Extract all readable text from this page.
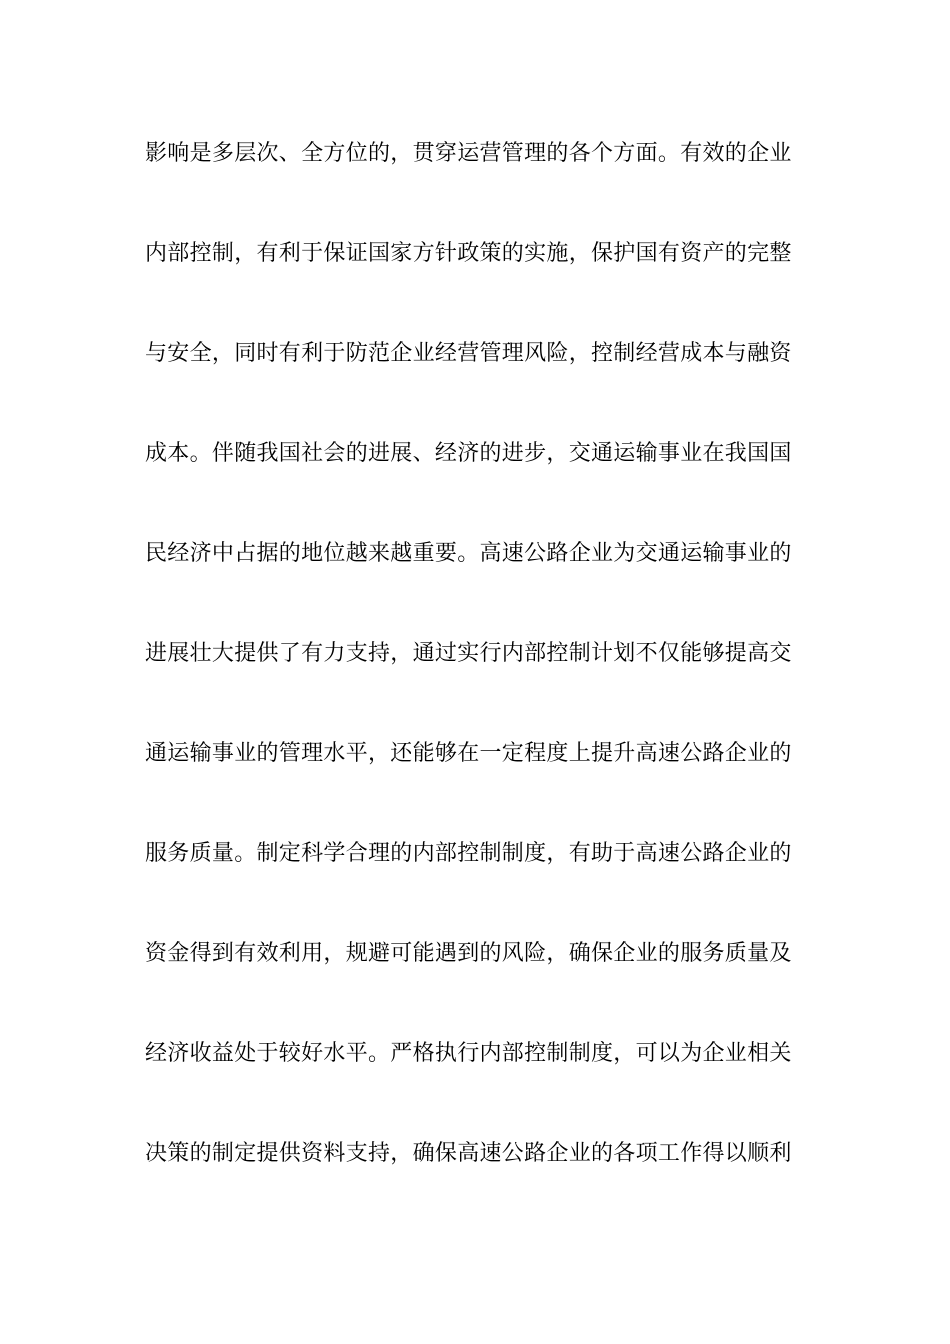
影响是多层次、全方位的，贯穿运营管理的各个方面。有效的企业
内部控制，有利于保证国家方针政策的实施，保护国有资产的完整
与安全，同时有利于防范企业经营管理风险，控制经营成本与融资
成本。伴随我国社会的进展、经济的进步，交通运输事业在我国国
民经济中占据的地位越来越重要。高速公路企业为交通运输事业的
进展壮大提供了有力支持，通过实行内部控制计划不仅能够提高交
通运输事业的管理水平，还能够在一定程度上提升高速公路企业的
服务质量。制定科学合理的内部控制制度，有助于高速公路企业的
资金得到有效利用，规避可能遇到的风险，确保企业的服务质量及
经济收益处于较好水平。严格执行内部控制制度，可以为企业相关
决策的制定提供资料支持，确保高速公路企业的各项工作得以顺利
